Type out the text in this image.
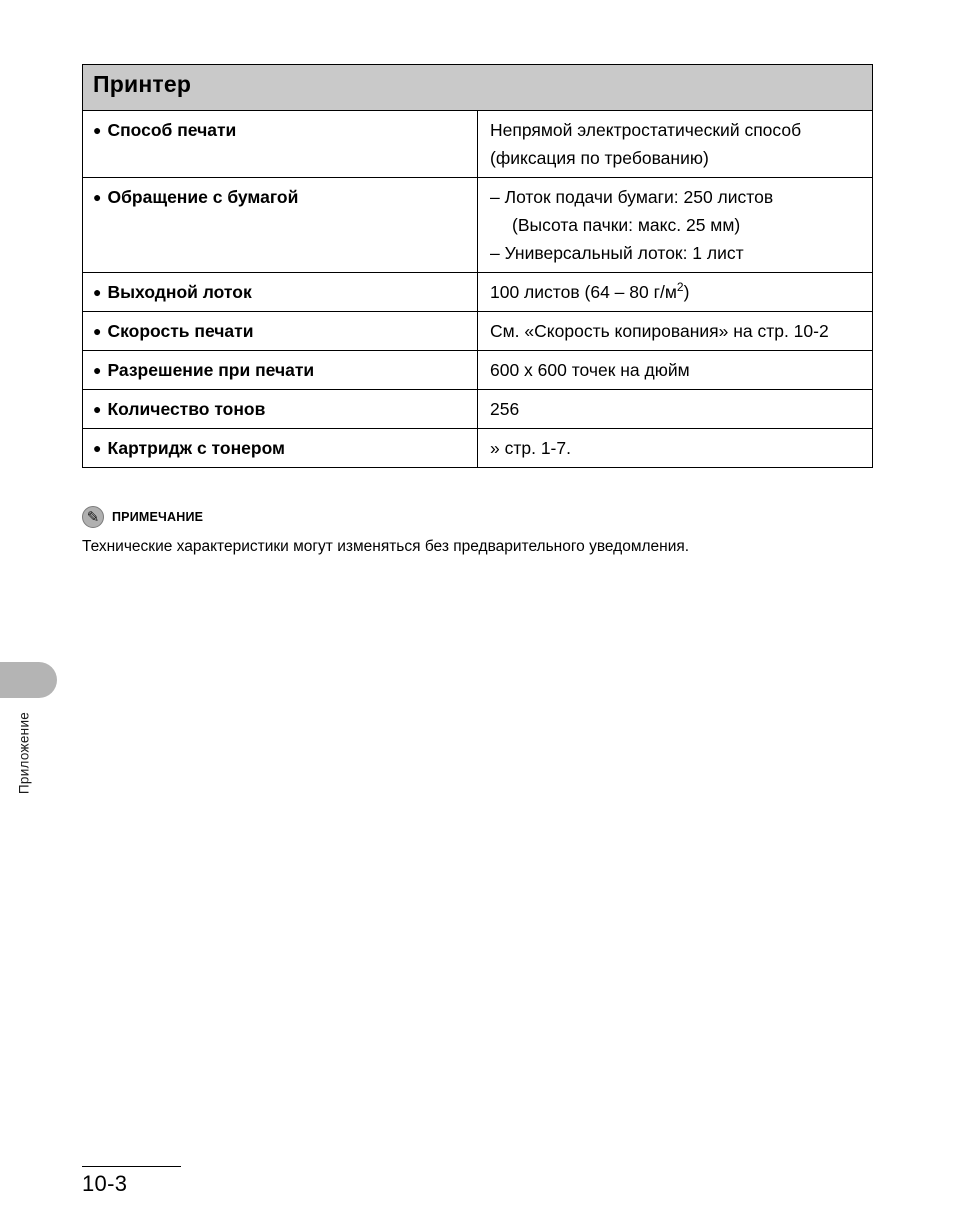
Принтер	

● Способ печати	Непрямой электростатический способ (фиксация по требованию)

● Обращение с бумагой	– Лоток подачи бумаги: 250 листов
(Высота пачки: макс. 25 мм)
– Универсальный лоток: 1 лист

● Выходной лоток	100 листов (64 – 80 $г/м^2$)

● Скорость печати	См. «Скорость копирования» на стр. 10-2

● Разрешение при печати	600 x 600 точек на дюйм

● Количество тонов	256

● Картридж с тонером	» стр. 1-7.
✎	ПРИМЕЧАНИЕ
Технические характеристики могут изменяться без предварительного уведомления.
Приложение
10-3
